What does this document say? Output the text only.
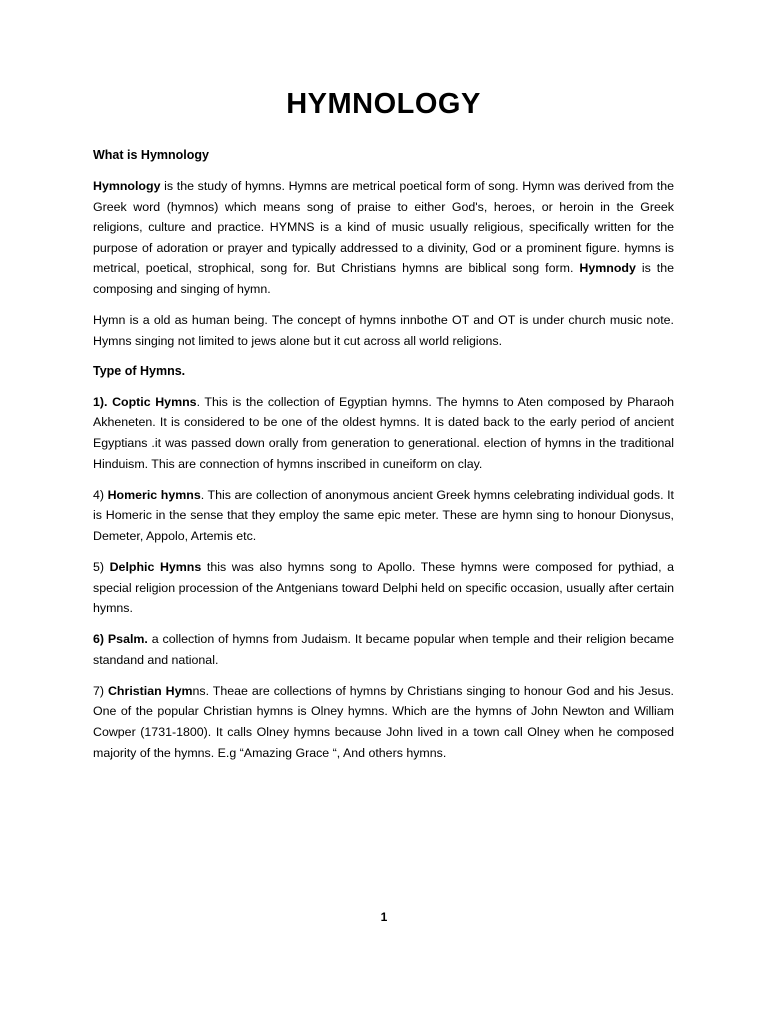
HYMNOLOGY
What is Hymnology

Hymnology is the study of hymns. Hymns are metrical poetical form of song. Hymn was derived from the Greek word (hymnos) which means song of praise to either God's, heroes, or heroin in the Greek religions, culture and practice. HYMNS is a kind of music usually religious, specifically written for the purpose of adoration or prayer and typically addressed to a divinity, God or a prominent figure. hymns is metrical, poetical, strophical, song for. But Christians hymns are biblical song form. Hymnody is the composing and singing of hymn.

Hymn is a old as human being. The concept of hymns innbothe OT and OT is under church music note. Hymns singing not limited to jews alone but it cut across all world religions.

Type of Hymns.

1). Coptic Hymns. This is the collection of Egyptian hymns. The hymns to Aten composed by Pharaoh Akheneten. It is considered to be one of the oldest hymns. It is dated back to the early period of ancient Egyptians .it was passed down orally from generation to generational. election of hymns in the traditional Hinduism. This are connection of hymns inscribed in cuneiform on clay.

4) Homeric hymns. This are collection of anonymous ancient Greek hymns celebrating individual gods. It is Homeric in the sense that they employ the same epic meter. These are hymn sing to honour Dionysus, Demeter, Appolo, Artemis etc.

5) Delphic Hymns this was also hymns song to Apollo. These hymns were composed for pythiad, a special religion procession of the Antgenians toward Delphi held on specific occasion, usually after certain hymns.

6) Psalm. a collection of hymns from Judaism. It became popular when temple and their religion became standand and national.

7) Christian Hymns. Theae are collections of hymns by Christians singing to honour God and his Jesus. One of the popular Christian hymns is Olney hymns. Which are the hymns of John Newton and William Cowper (1731-1800). It calls Olney hymns because John lived in a town call Olney when he composed majority of the hymns. E.g “Amazing Grace “, And others hymns.

1
